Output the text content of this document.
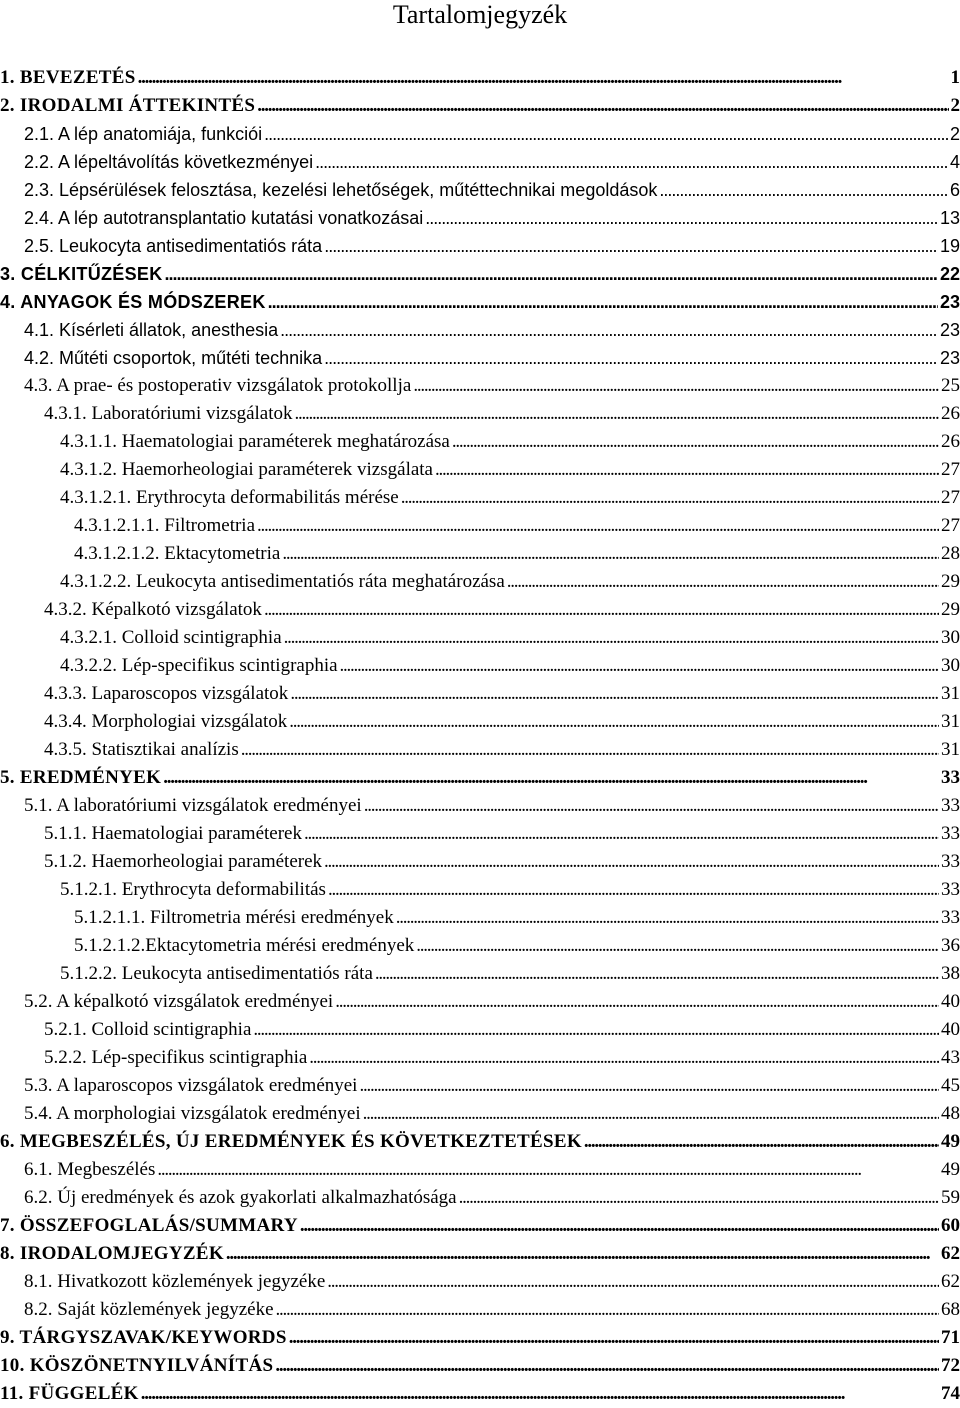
Tartalomjegyzék
1. BEVEZETÉS . . .	1
2. IRODALMI ÁTTEKINTÉS . . .	2
2.1. A lép anatomiája, funkciói . . .	2
2.2. A lépeltávolítás következményei . . .	4
2.3. Lépsérülések felosztása, kezelési lehetőségek, műtéttechnikai megoldások . . .	6
2.4. A lép autotransplantatio kutatási vonatkozásai . . .	13
2.5. Leukocyta antisedimentatiós ráta . . .	19
3. CÉLKITŰZÉSEK . . .	22
4. ANYAGOK ÉS MÓDSZEREK . . .	23
4.1. Kísérleti állatok, anesthesia . . .	23
4.2. Műtéti csoportok, műtéti technika . . .	23
4.3. A prae- és postoperativ vizsgálatok protokollja . . .	25
4.3.1. Laboratóriumi vizsgálatok . . .	26
4.3.1.1. Haematologiai paraméterek meghatározása . . .	26
4.3.1.2. Haemorheologiai paraméterek vizsgálata . . .	27
4.3.1.2.1. Erythrocyta deformabilitás mérése . . .	27
4.3.1.2.1.1. Filtrometria . . .	27
4.3.1.2.1.2. Ektacytometria . . .	28
4.3.1.2.2. Leukocyta antisedimentatiós ráta meghatározása . . .	29
4.3.2. Képalkotó vizsgálatok . . .	29
4.3.2.1. Colloid scintigraphia . . .	30
4.3.2.2. Lép-specifikus scintigraphia . . .	30
4.3.3. Laparoscopos vizsgálatok . . .	31
4.3.4. Morphologiai vizsgálatok . . .	31
4.3.5. Statisztikai analízis . . .	31
5. EREDMÉNYEK . . .	33
5.1. A laboratóriumi vizsgálatok eredményei . . .	33
5.1.1. Haematologiai paraméterek . . .	33
5.1.2. Haemorheologiai paraméterek . . .	33
5.1.2.1. Erythrocyta deformabilitás . . .	33
5.1.2.1.1. Filtrometria mérési eredmények . . .	33
5.1.2.1.2.Ektacytometria mérési eredmények . . .	36
5.1.2.2. Leukocyta antisedimentatiós ráta . . .	38
5.2. A képalkotó vizsgálatok eredményei . . .	40
5.2.1. Colloid scintigraphia . . .	40
5.2.2. Lép-specifikus scintigraphia . . .	43
5.3. A laparoscopos vizsgálatok eredményei . . .	45
5.4. A morphologiai vizsgálatok eredményei . . .	48
6. MEGBESZÉLÉS, ÚJ EREDMÉNYEK ÉS KÖVETKEZTETÉSEK . . .	49
6.1. Megbeszélés . . .	49
6.2. Új eredmények és azok gyakorlati alkalmazhatósága . . .	59
7. ÖSSZEFOGLALÁS/SUMMARY . . .	60
8. IRODALOMJEGYZÉK . . .	62
8.1. Hivatkozott közlemények jegyzéke . . .	62
8.2. Saját közlemények jegyzéke . . .	68
9. TÁRGYSZAVAK/KEYWORDS . . .	71
10. KÖSZÖNETNYILVÁNÍTÁS . . .	72
11. FÜGGELÉK . . .	74
